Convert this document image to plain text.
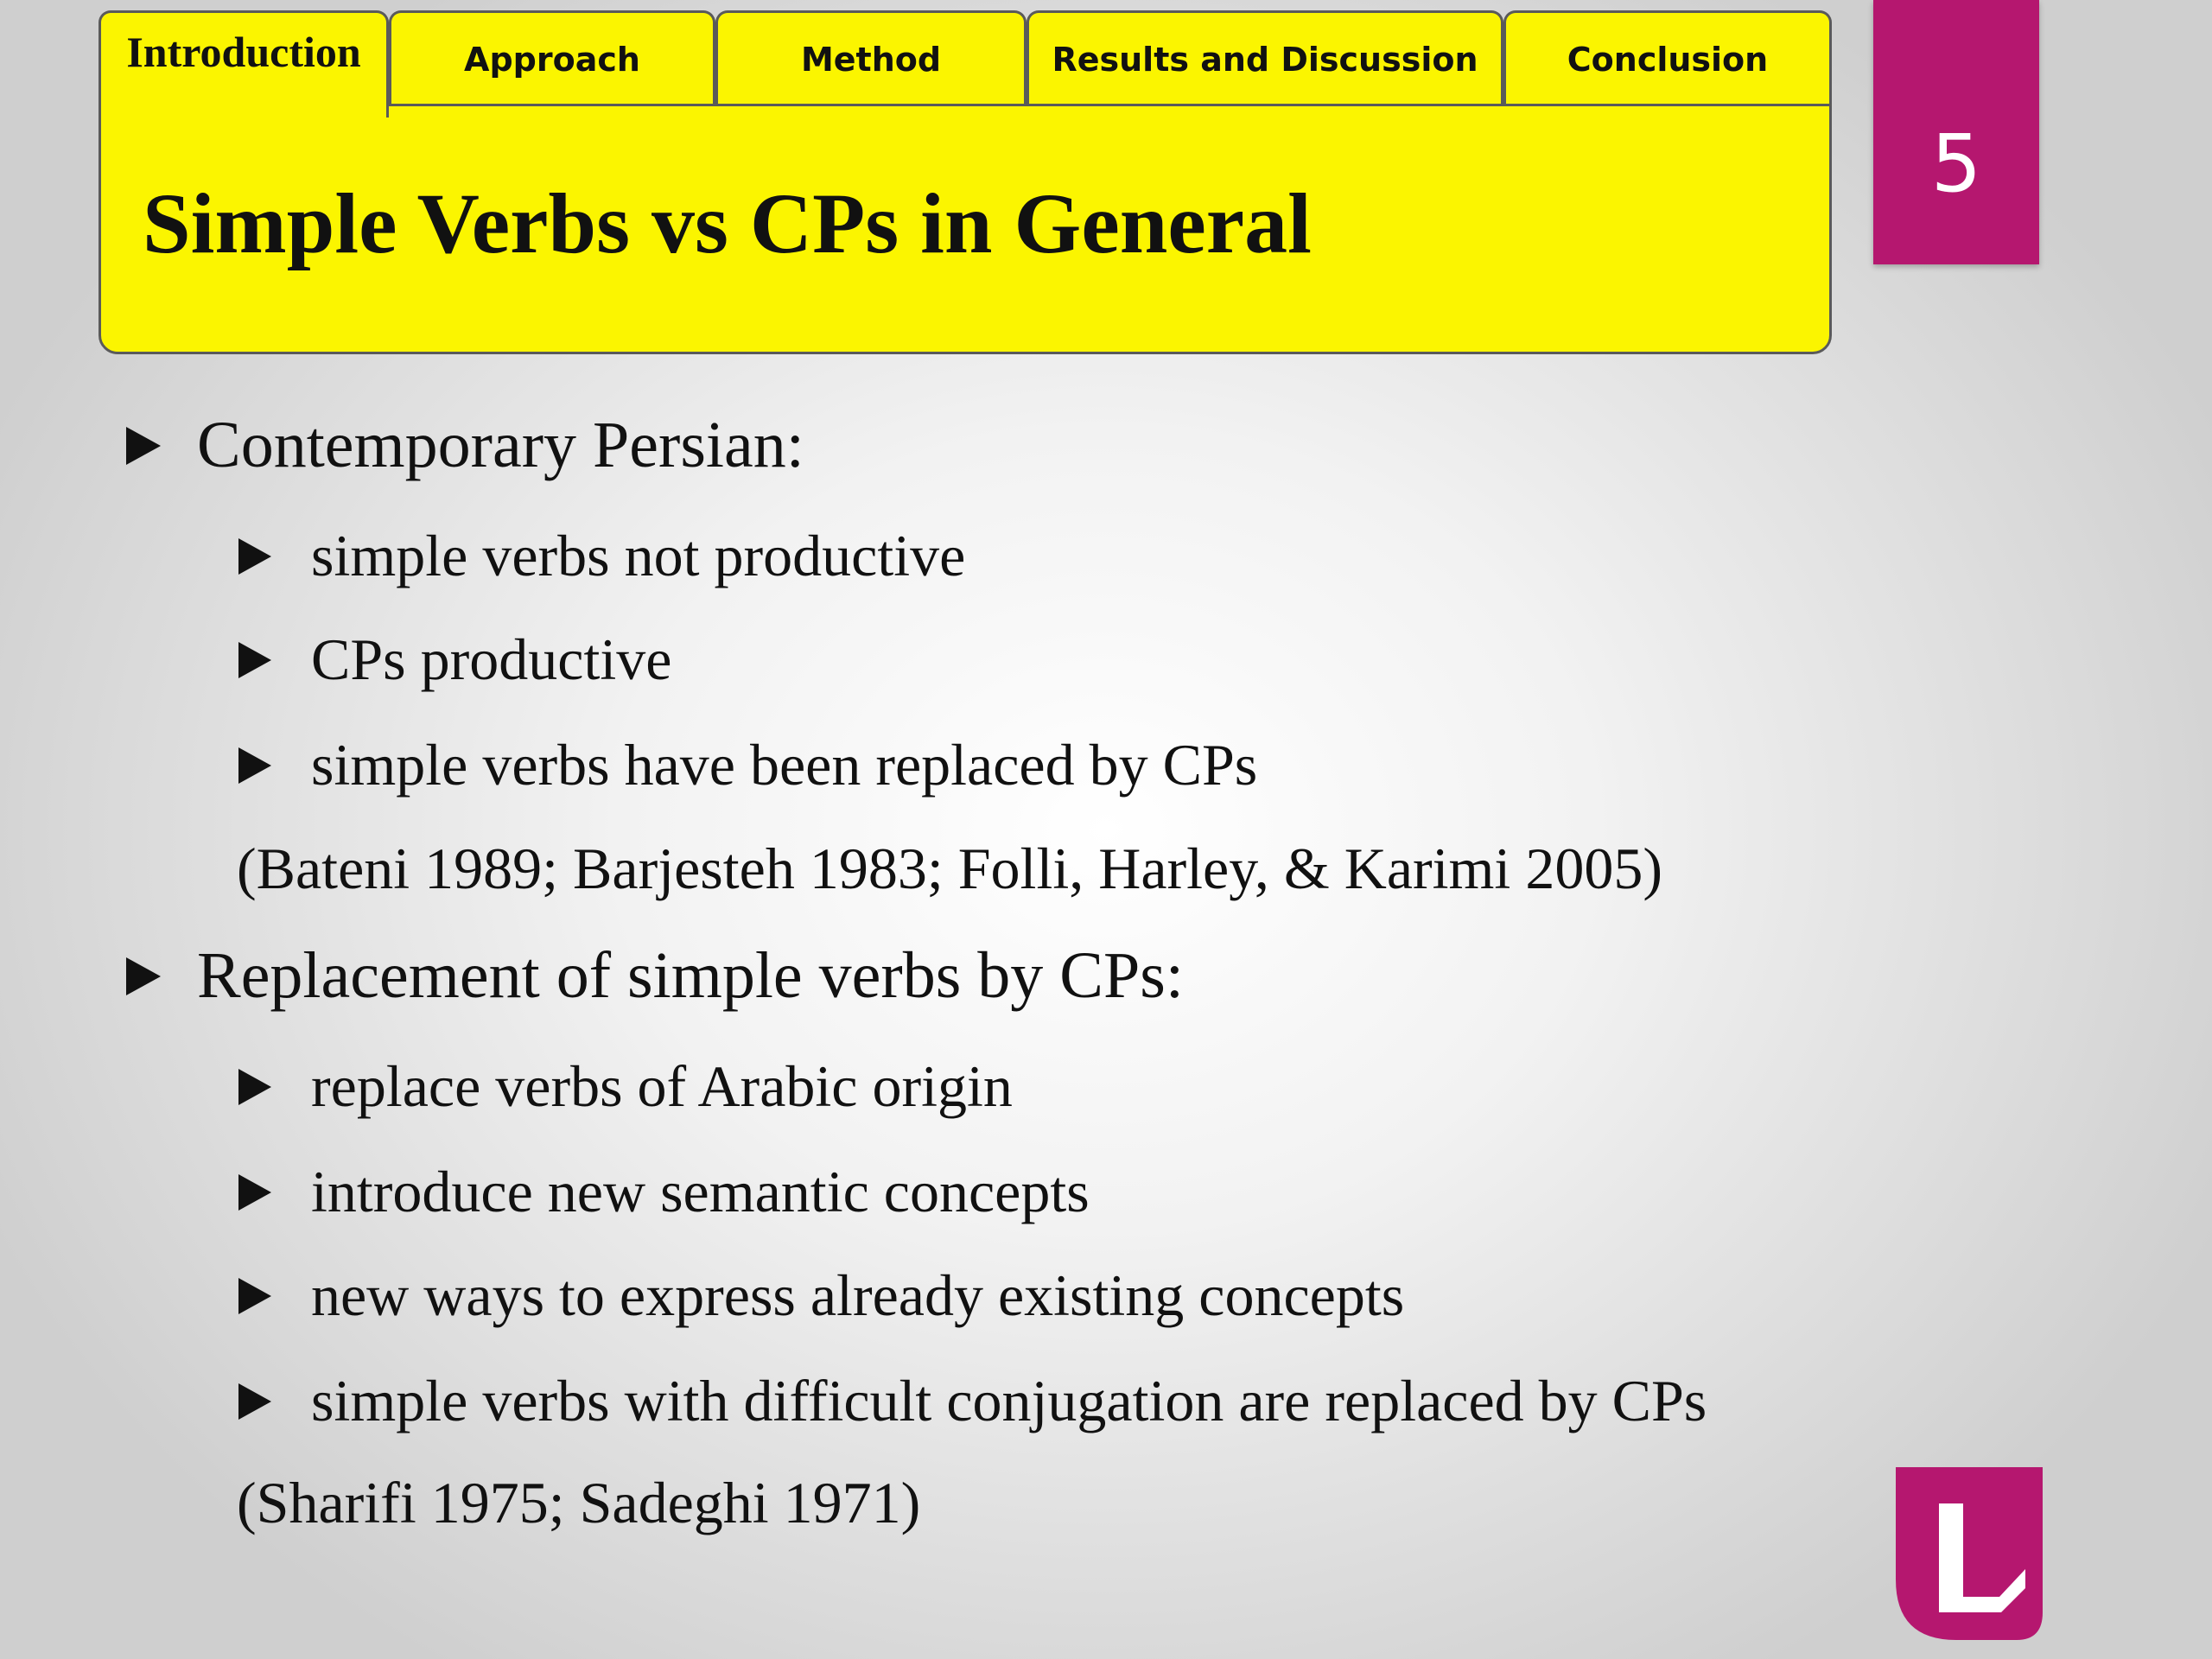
Introduction	Approach	Method	Results and Discussion	Conclusion
Simple Verbs vs CPs in General
5
Contemporary Persian:
simple verbs not productive
CPs productive
simple verbs have been replaced by CPs
(Bateni 1989; Barjesteh 1983; Folli, Harley, & Karimi 2005)
Replacement of simple verbs by CPs:
replace verbs of Arabic origin
introduce new semantic concepts
new ways to express already existing concepts
simple verbs with difficult conjugation are replaced by CPs
(Sharifi 1975; Sadeghi 1971)
